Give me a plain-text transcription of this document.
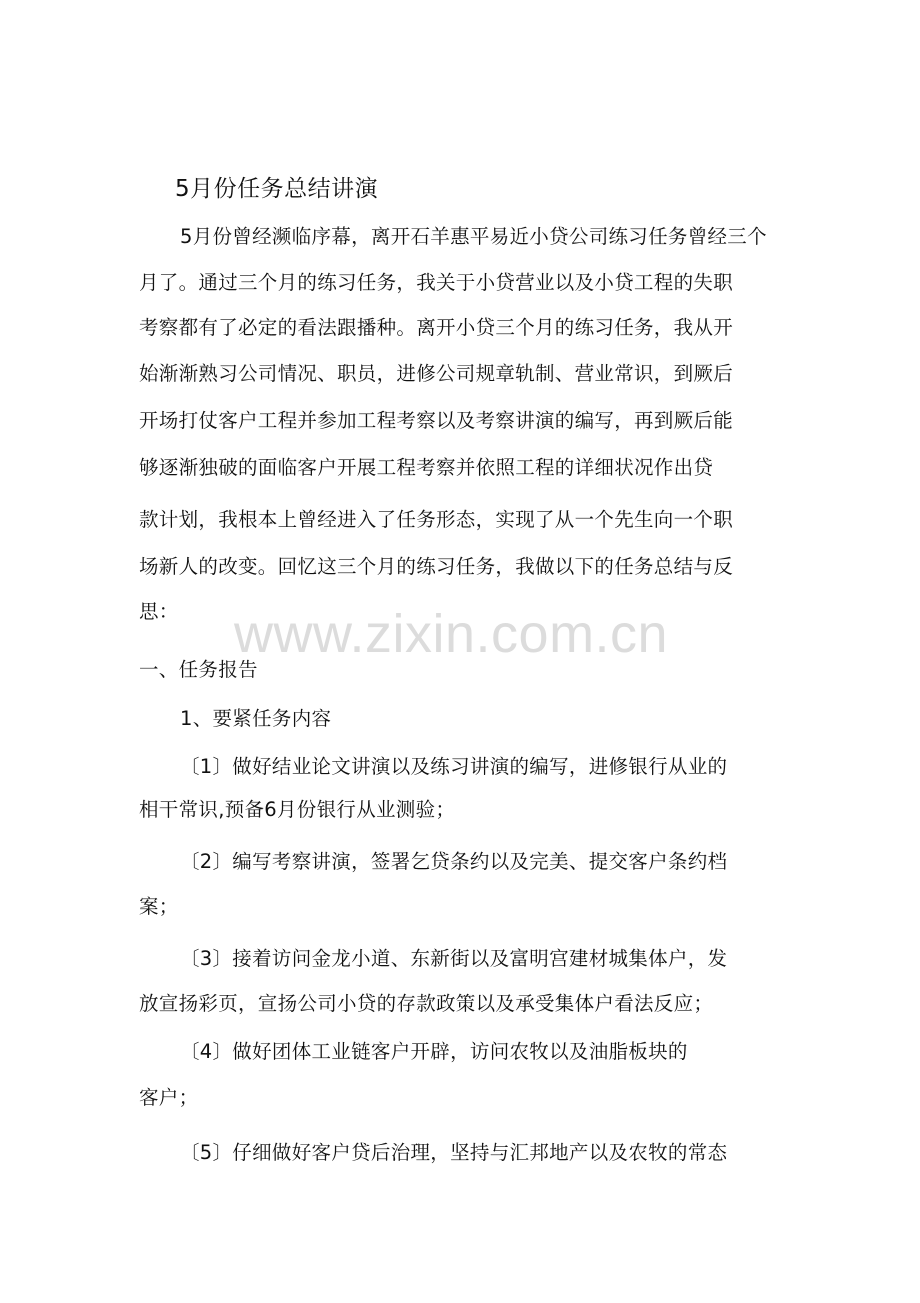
www.zixin.com.cn
5月份任务总结讲演
5月份曾经濒临序幕，离开石羊惠平易近小贷公司练习任务曾经三个
月了。通过三个月的练习任务，我关于小贷营业以及小贷工程的失职
考察都有了必定的看法跟播种。离开小贷三个月的练习任务，我从开
始渐渐熟习公司情况、职员，进修公司规章轨制、营业常识，到厥后
开场打仗客户工程并参加工程考察以及考察讲演的编写，再到厥后能
够逐渐独破的面临客户开展工程考察并依照工程的详细状况作出贷
款计划，我根本上曾经进入了任务形态，实现了从一个先生向一个职
场新人的改变。回忆这三个月的练习任务，我做以下的任务总结与反
思：
一、任务报告
1、要紧任务内容
〔1〕做好结业论文讲演以及练习讲演的编写，进修银行从业的
相干常识,预备6月份银行从业测验；
〔2〕编写考察讲演，签署乞贷条约以及完美、提交客户条约档
案；
〔3〕接着访问金龙小道、东新街以及富明宫建材城集体户，发
放宣扬彩页，宣扬公司小贷的存款政策以及承受集体户看法反应；
〔4〕做好团体工业链客户开辟，访问农牧以及油脂板块的
客户；
〔5〕仔细做好客户贷后治理，坚持与汇邦地产以及农牧的常态
